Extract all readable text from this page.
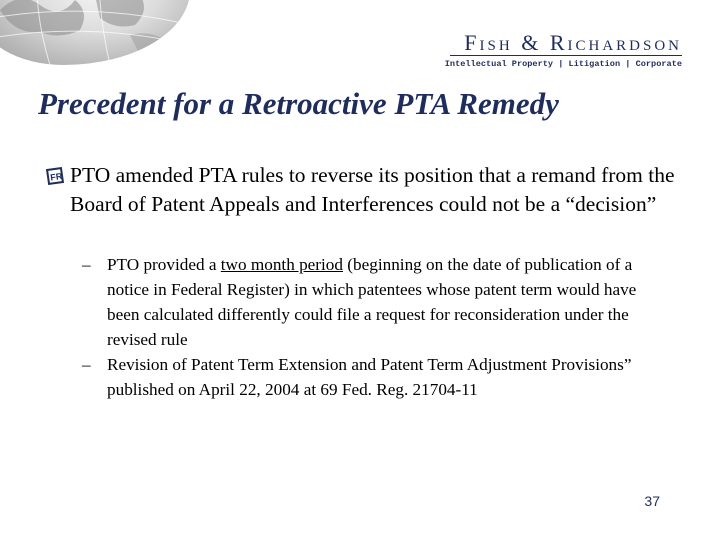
Fish & Richardson
Intellectual Property | Litigation | Corporate
Precedent for a Retroactive PTA Remedy
FR PTO amended PTA rules to reverse its position that a remand from the Board of Patent Appeals and Interferences could not be a “decision”
– PTO provided a two month period (beginning on the date of publication of a notice in Federal Register) in which patentees whose patent term would have been calculated differently could file a request for reconsideration under the revised rule
– Revision of Patent Term Extension and Patent Term Adjustment Provisions” published on April 22, 2004 at 69 Fed. Reg. 21704-11
37
